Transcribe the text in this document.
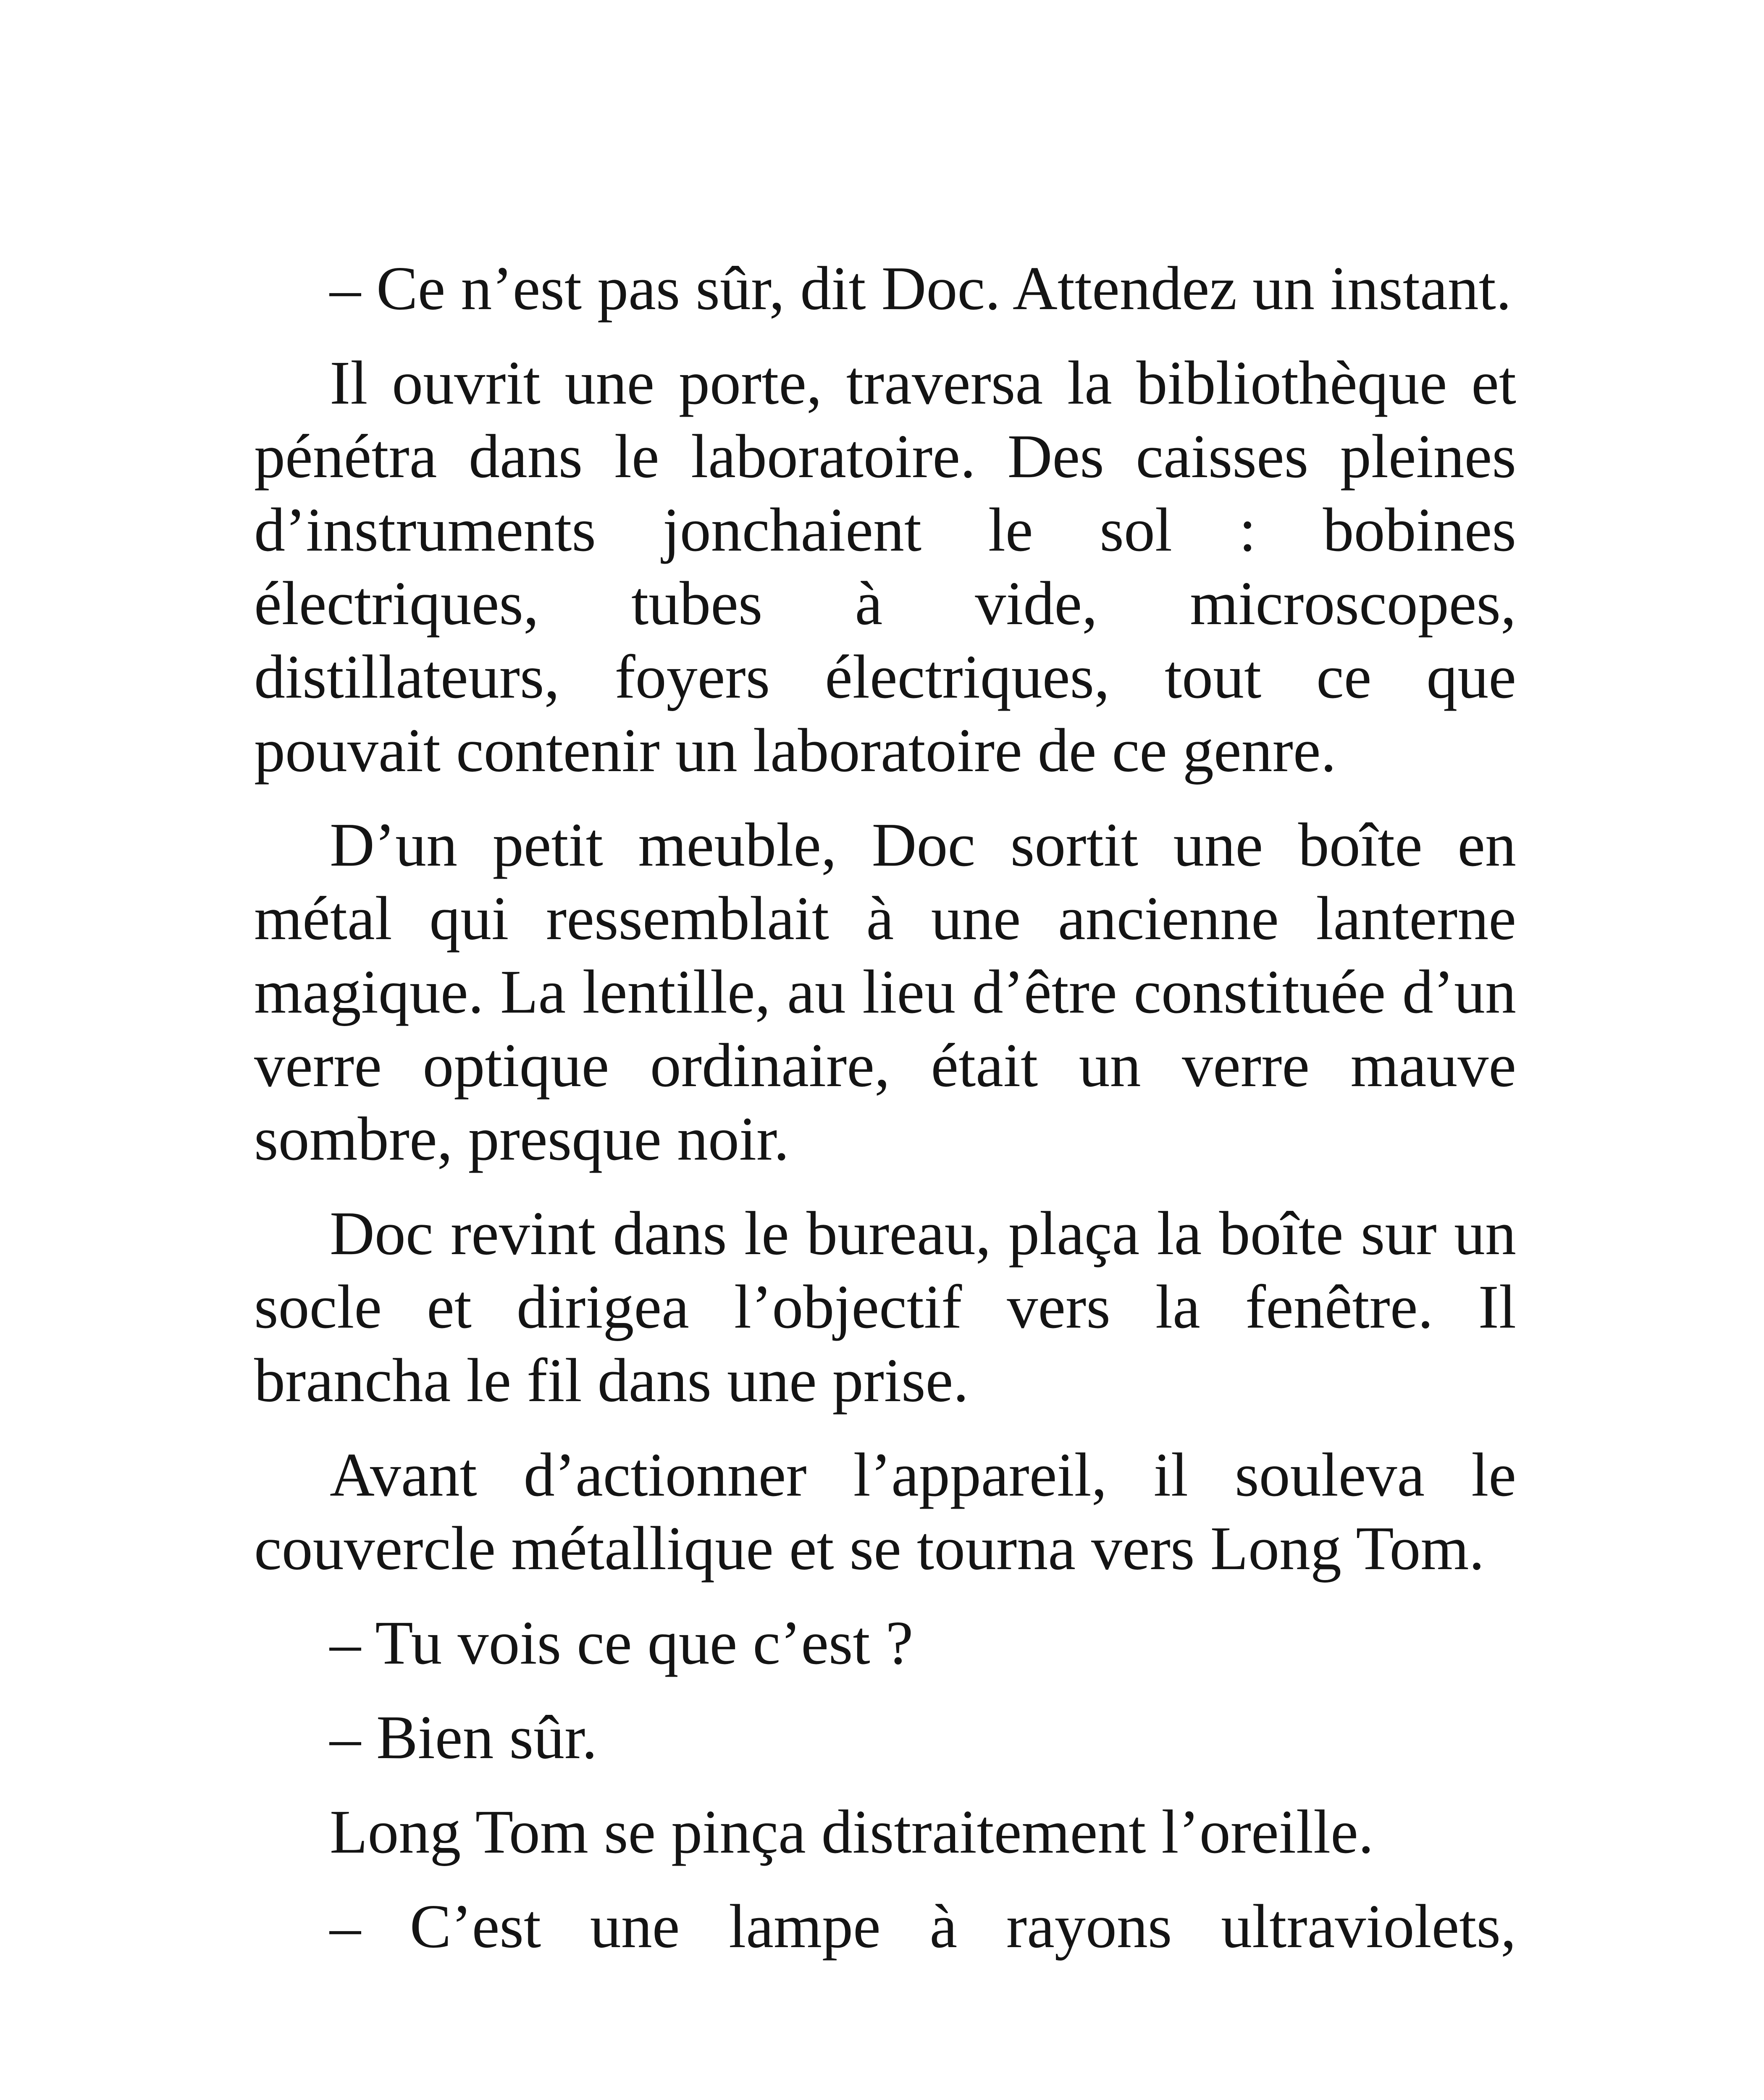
– Ce n’est pas sûr, dit Doc. Attendez un instant.

Il ouvrit une porte, traversa la bibliothèque et pénétra dans le laboratoire. Des caisses pleines d’instruments jonchaient le sol : bobines électriques, tubes à vide, microscopes, distillateurs, foyers électriques, tout ce que pouvait contenir un laboratoire de ce genre.

D’un petit meuble, Doc sortit une boîte en métal qui ressemblait à une ancienne lanterne magique. La lentille, au lieu d’être constituée d’un verre optique ordinaire, était un verre mauve sombre, presque noir.

Doc revint dans le bureau, plaça la boîte sur un socle et dirigea l’objectif vers la fenêtre. Il brancha le fil dans une prise.

Avant d’actionner l’appareil, il souleva le couvercle métallique et se tourna vers Long Tom.

– Tu vois ce que c’est ?

– Bien sûr.

Long Tom se pinça distraitement l’oreille.

– C’est une lampe à rayons ultraviolets,
